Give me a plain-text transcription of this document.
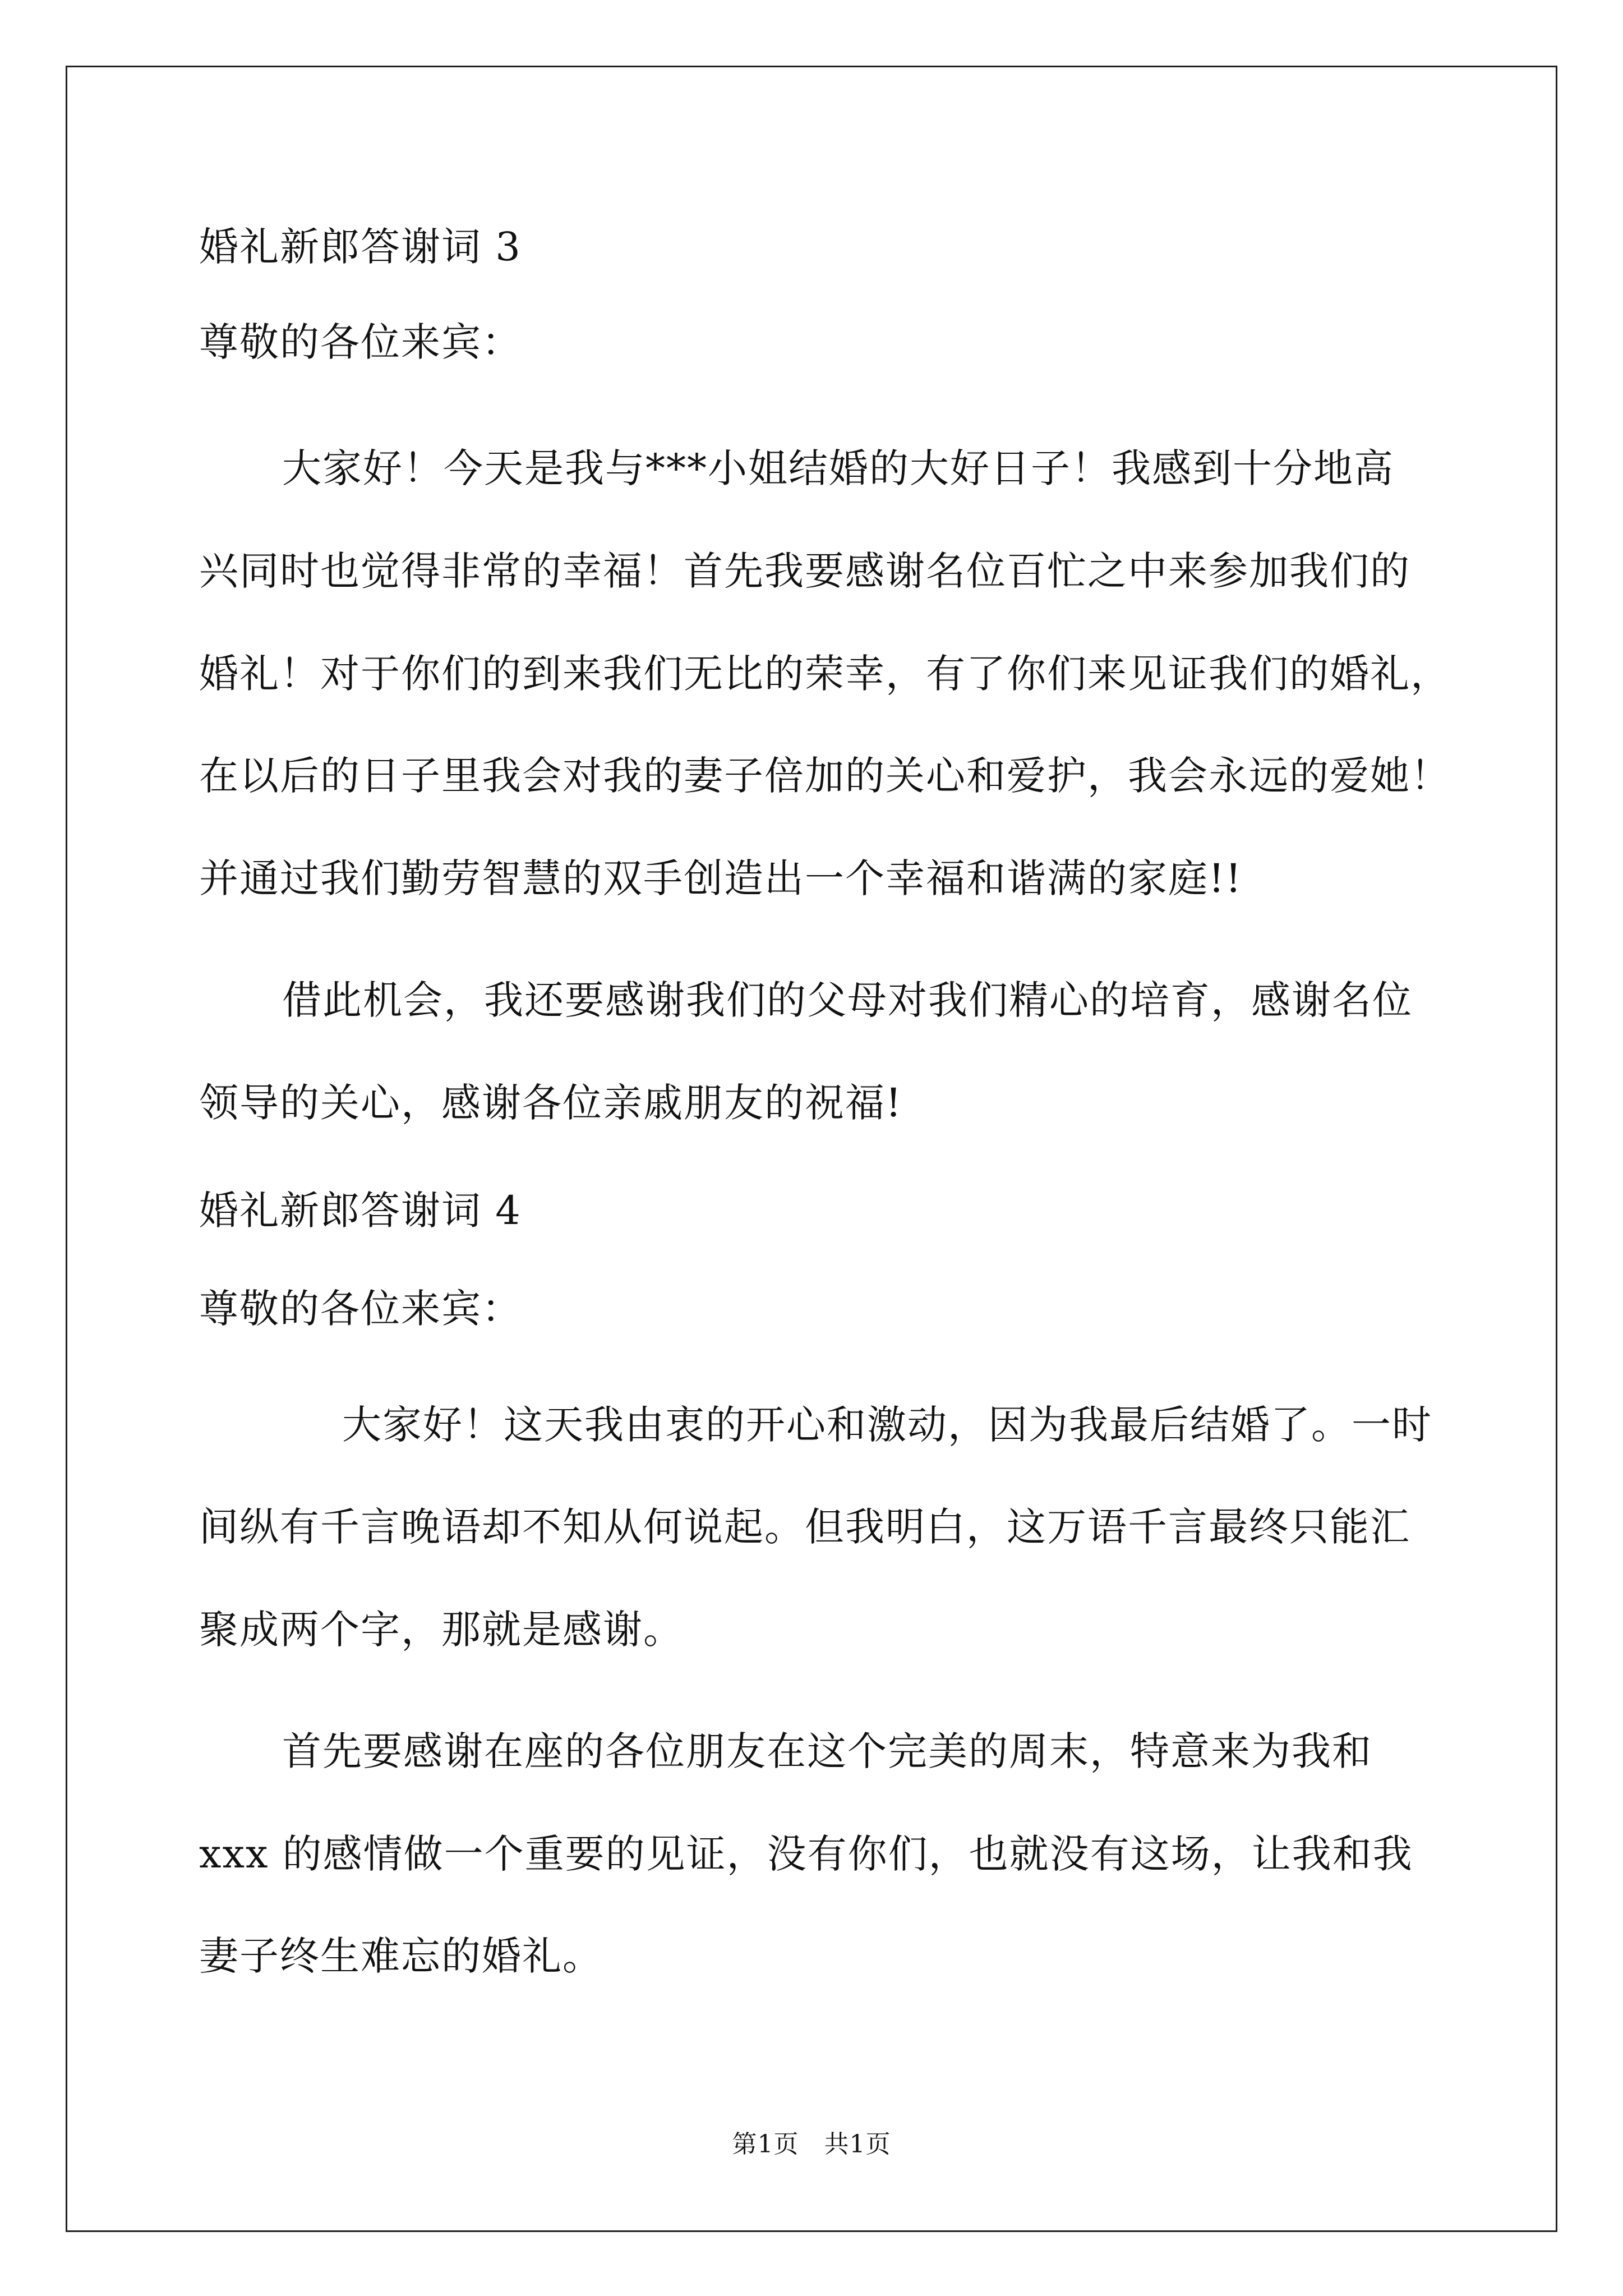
婚礼新郎答谢词 3
尊敬的各位来宾：
大家好！今天是我与***小姐结婚的大好日子！我感到十分地高
兴同时也觉得非常的幸福！首先我要感谢名位百忙之中来参加我们的
婚礼！对于你们的到来我们无比的荣幸，有了你们来见证我们的婚礼，
在以后的日子里我会对我的妻子倍加的关心和爱护，我会永远的爱她！
并通过我们勤劳智慧的双手创造出一个幸福和谐满的家庭!!
借此机会，我还要感谢我们的父母对我们精心的培育，感谢名位
领导的关心，感谢各位亲戚朋友的祝福!
婚礼新郎答谢词 4
尊敬的各位来宾：
大家好！这天我由衷的开心和激动，因为我最后结婚了。一时
间纵有千言晚语却不知从何说起。但我明白，这万语千言最终只能汇
聚成两个字，那就是感谢。
首先要感谢在座的各位朋友在这个完美的周末，特意来为我和
xxx 的感情做一个重要的见证，没有你们，也就没有这场，让我和我
妻子终生难忘的婚礼。
第1页　共1页
